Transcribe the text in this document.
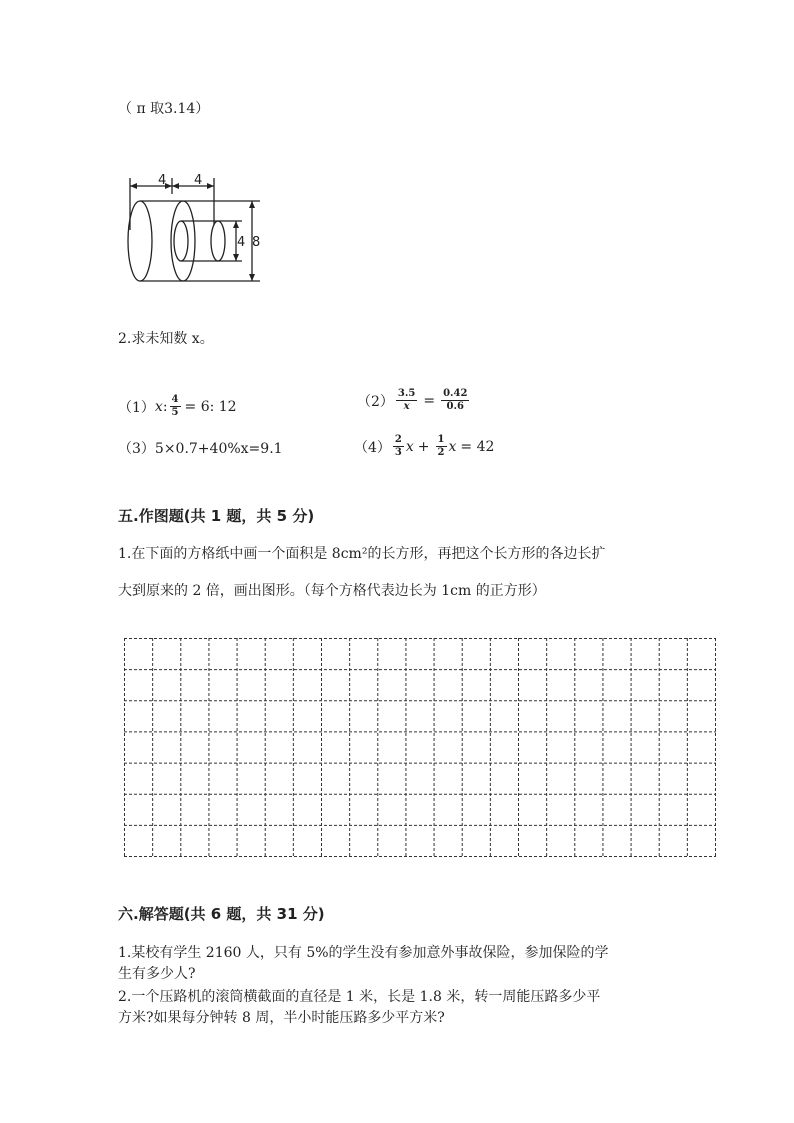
（ π 取3.14）
4 4
4 8
2.求未知数 x。
（1） x : $\frac{4}{5} = 6$: 12	$(2) \frac{3.5}{x} = \frac{0.42}{0.6}$
（3）5×0.7+40%x=9.1	$(4) \frac{2}{3}$ $x + \frac{1}{2}$ x = 42
五.作图题(共 1 题，共 5 分)
1.在下面的方格纸中画一个面积是 8cm²的长方形，再把这个长方形的各边长扩
大到原来的 2 倍，画出图形。（每个方格代表边长为 1cm 的正方形）
六.解答题(共 6 题，共 31 分)
1.某校有学生 2160 人，只有 5%的学生没有参加意外事故保险，参加保险的学
生有多少人?
2.一个压路机的滚筒横截面的直径是 1 米，长是 1.8 米，转一周能压路多少平
方米?如果每分钟转 8 周，半小时能压路多少平方米?
